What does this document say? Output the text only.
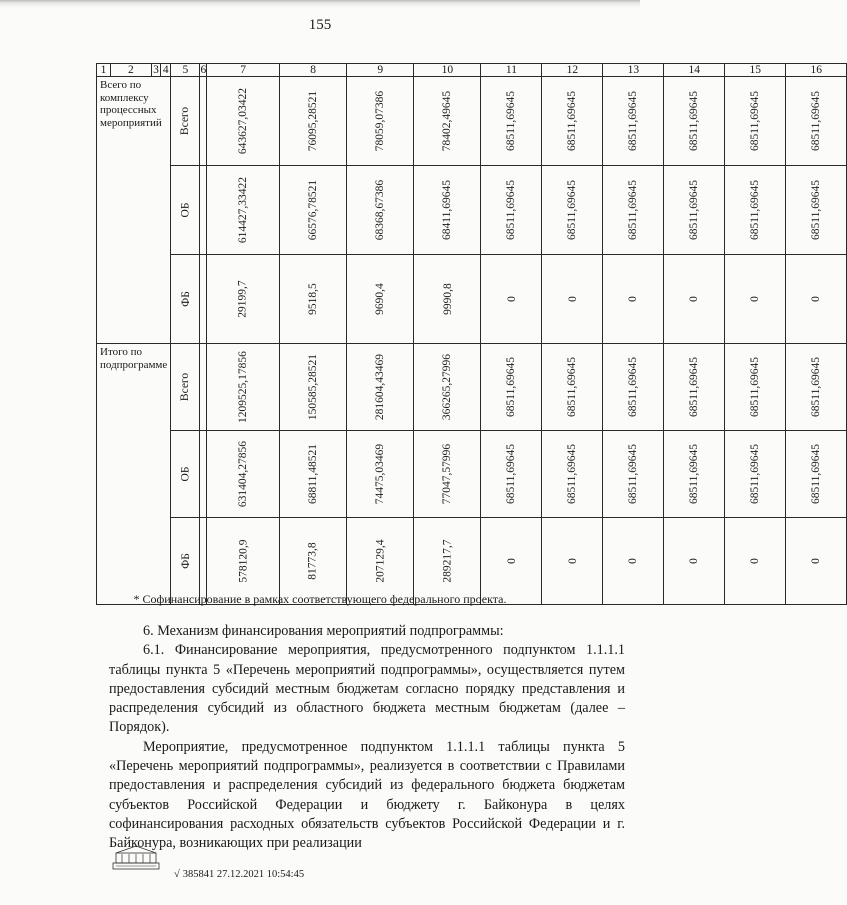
155
1	2	3	4	5	6	7	8	9	10	11	12	13	14	15	16
Всего по комплексу процессных мероприятий				Всего		643627,03422	76095,28521	78059,07386	78402,49645	68511,69645	68511,69645	68511,69645	68511,69645	68511,69645	68511,69645

				ОБ		614427,33422	66576,78521	68368,67386	68411,69645	68511,69645	68511,69645	68511,69645	68511,69645	68511,69645	68511,69645

				ФБ		29199,7	9518,5	9690,4	9990,8	0	0	0	0	0	0

Итого по подпрограмме				Всего		1209525,17856	150585,28521	281604,43469	366265,27996	68511,69645	68511,69645	68511,69645	68511,69645	68511,69645	68511,69645

				ОБ		631404,27856	68811,48521	74475,03469	77047,57996	68511,69645	68511,69645	68511,69645	68511,69645	68511,69645	68511,69645

				ФБ		578120,9	81773,8	207129,4	289217,7	0	0	0	0	0	0
* Софинансирование в рамках соответствующего федерального проекта.

6. Механизм финансирования мероприятий подпрограммы:

6.1. Финансирование мероприятия, предусмотренного подпунктом 1.1.1.1 таблицы пункта 5 «Перечень мероприятий подпрограммы», осуществляется путем предоставления субсидий местным бюджетам согласно порядку представления и распределения субсидий из областного бюджета местным бюджетам (далее – Порядок).

Мероприятие, предусмотренное подпунктом 1.1.1.1 таблицы пункта 5 «Перечень мероприятий подпрограммы», реализуется в соответствии с Правилами предоставления и распределения субсидий из федерального бюджета бюджетам субъектов Российской Федерации и бюджету г. Байконура в целях софинансирования расходных обязательств субъектов Российской Федерации и г. Байконура, возникающих при реализации

√ 385841 27.12.2021 10:54:45
